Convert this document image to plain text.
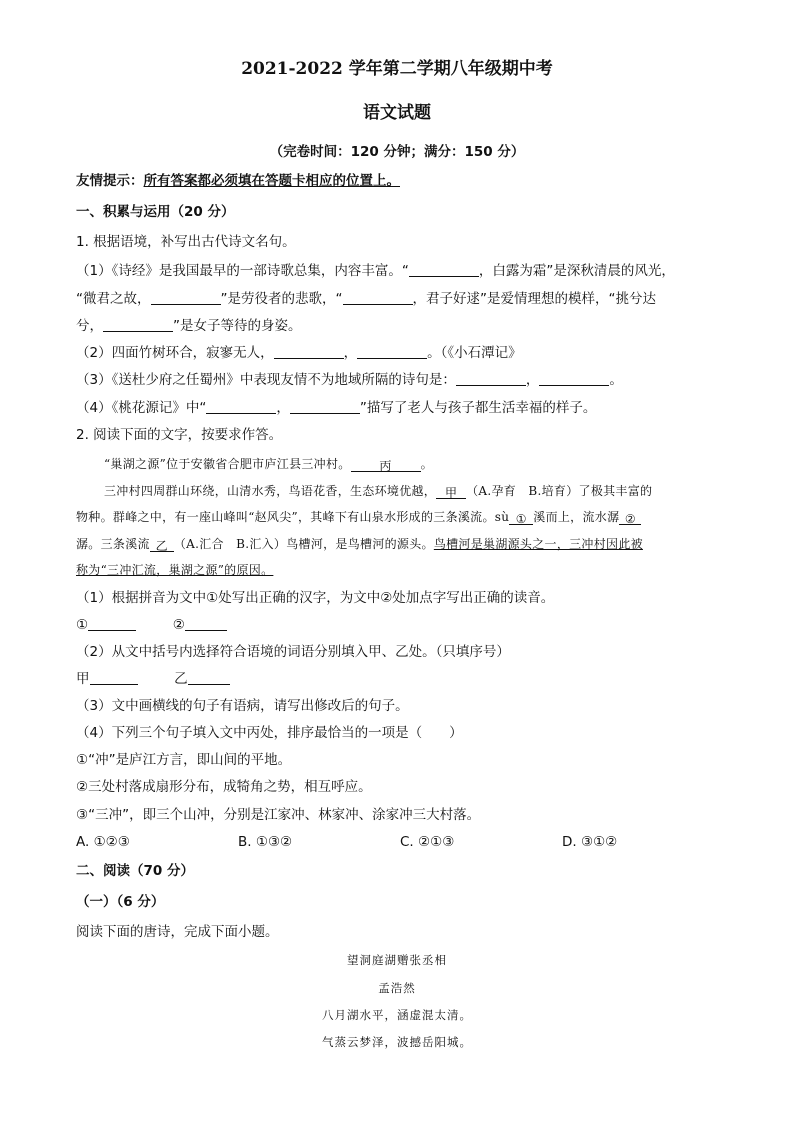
2021-2022 学年第二学期八年级期中考
语文试题
（完卷时间：120 分钟；满分：150 分）
友情提示：所有答案都必须填在答题卡相应的位置上。
一、积累与运用（20 分）
1. 根据语境，补写出古代诗文名句。
（1）《诗经》是我国最早的一部诗歌总集，内容丰富。“	，白露为霜”是深秋清晨的风光，
“微君之故，	”是劳役者的悲歌，“	，君子好逑”是爱情理想的模样，“挑兮达
兮，	”是女子等待的身姿。
（2）四面竹树环合，寂寥无人，	，	。（《小石潭记》
（3）《送杜少府之任蜀州》中表现友情不为地域所隔的诗句是：	，	。
（4）《桃花源记》中“	，	”描写了老人与孩子都生活幸福的样子。
2. 阅读下面的文字，按要求作答。
“巢湖之源”位于安徽省合肥市庐江县三冲村。 丙 。
三冲村四周群山环绕，山清水秀，鸟语花香，生态环境优越， 甲 （A.孕育　B.培育）了极其丰富的
物种。群峰之中，有一座山峰叫“赵风尖”，其峰下有山泉水形成的三条溪流。sù ① 溪而上，流水潺 ②
潺。三条溪流 乙 （A.汇合　B.汇入）鸟槽河，是鸟槽河的源头。鸟槽河是巢湖源头之一，三冲村因此被
称为“三冲汇流，巢湖之源”的原因。
（1）根据拼音为文中①处写出正确的汉字，为文中②处加点字写出正确的读音。
①	②
（2）从文中括号内选择符合语境的词语分别填入甲、乙处。（只填序号）
甲	乙
（3）文中画横线的句子有语病，请写出修改后的句子。
（4）下列三个句子填入文中丙处，排序最恰当的一项是（　　）
①“冲”是庐江方言，即山间的平地。
②三处村落成扇形分布，成犄角之势，相互呼应。
③“三冲”，即三个山冲，分别是江家冲、林家冲、涂家冲三大村落。
A. ①②③	B. ①③②	C. ②①③	D. ③①②
二、阅读（70 分）
（一）（6 分）
阅读下面的唐诗，完成下面小题。
望洞庭湖赠张丞相
孟浩然
八月湖水平，涵虚混太清。
气蒸云梦泽，波撼岳阳城。
